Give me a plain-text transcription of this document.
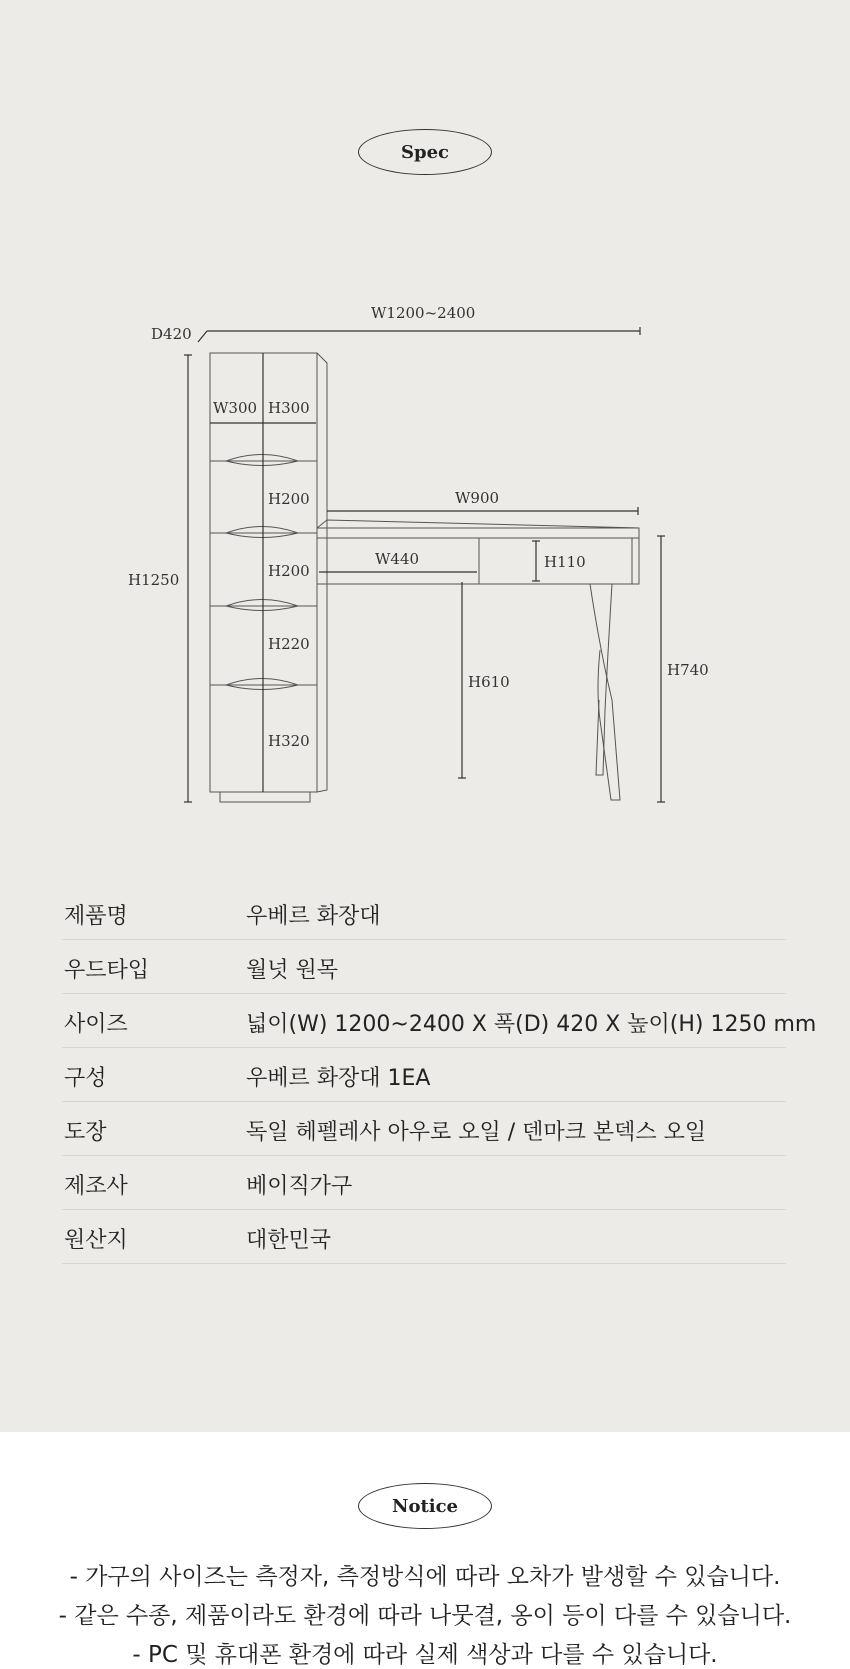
Spec
W1200~2400
D420
H1250
W300 H300
H200
H200
H220
H320
W900
W440	H110
H610
H740
제품명	우베르 화장대
우드타입	월넛 원목
사이즈	넓이(W) 1200~2400 X 폭(D) 420 X 높이(H) 1250 mm
구성	우베르 화장대 1EA
도장	독일 헤펠레사 아우로 오일 / 덴마크 본덱스 오일
제조사	베이직가구
원산지	대한민국
Notice
- 가구의 사이즈는 측정자, 측정방식에 따라 오차가 발생할 수 있습니다.
- 같은 수종, 제품이라도 환경에 따라 나뭇결, 옹이 등이 다를 수 있습니다.
- PC 및 휴대폰 환경에 따라 실제 색상과 다를 수 있습니다.
